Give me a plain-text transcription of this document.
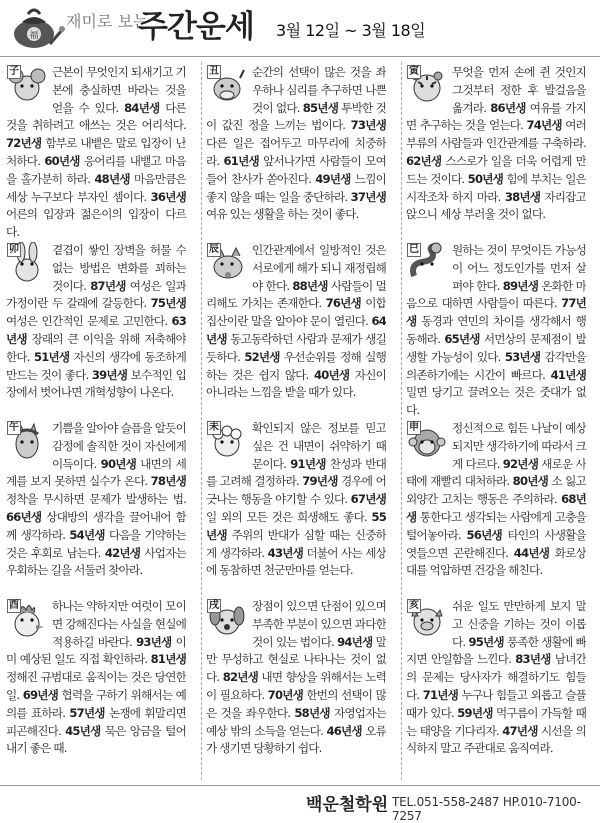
福
재미로 보는
주간운세 3월 12일 ~ 3월 18일
子	근본이 무엇인지 되새기고 기본에 충실하면 바라는 것을 얻을 수 있다. 84년생 다른 것을 취하려고 애쓰는 것은 어리석다. 72년생 함부로 내뱉은 말로 입장이 난처하다. 60년생 응어리를 내뱉고 마음을 홀가분히 하라. 48년생 마음만큼은 세상 누구보다 부자인 셈이다. 36년생 어른의 입장과 젊은이의 입장이 다르다.

丑	순간의 선택이 많은 것을 좌우하나 심리를 추구하면 나쁜 것이 없다. 85년생 투박한 것이 값진 정을 느끼는 법이다. 73년생 다른 일은 접어두고 마무리에 치중하라. 61년생 앞서나가면 사람들이 모여들어 찬사가 쏟아진다. 49년생 느낌이 좋지 않을 때는 일을 중단하라. 37년생 여유 있는 생활을 하는 것이 좋다.

寅	무엇을 먼저 손에 쥔 것인지 그것부터 정한 후 발걸음을 옮겨라. 86년생 여유를 가지면 추구하는 것을 얻는다. 74년생 여러 부류의 사람들과 인간관계를 구축하라. 62년생 스스로가 일을 더욱 어렵게 만드는 것이다. 50년생 힘에 부치는 일은 시작조차 하지 마라. 38년생 자리잡고 앉으니 세상 부러울 것이 없다.

卯	곁겹이 쌓인 장벽을 허물 수 없는 방법은 변화를 꾀하는 것이다. 87년생 여성은 일과 가정이란 두 갈래에 갈등한다. 75년생 여성은 인간적인 문제로 고민한다. 63년생 장래의 큰 이익을 위해 저축해야 한다. 51년생 자신의 생각에 동조하게 만드는 것이 좋다. 39년생 보수적인 입장에서 벗어나면 개혁성향이 나온다.

辰	인간관계에서 일방적인 것은 서로에게 해가 되니 재정립해야 한다. 88년생 사람들이 멀리해도 가치는 존재한다. 76년생 이합집산이란 말을 알아야 문이 열린다. 64년생 동고동락하던 사람과 문제가 생길 듯하다. 52년생 우선순위를 정해 실행하는 것은 쉽지 않다. 40년생 자신이 아니라는 느낌을 받을 때가 있다.

巳	원하는 것이 무엇이든 가능성이 어느 정도인가를 먼저 살펴야 한다. 89년생 온화한 마음으로 대하면 사람들이 따른다. 77년생 동경과 연민의 차이를 생각해서 행동해라. 65년생 서먼상의 문제점이 발생할 가능성이 있다. 53년생 감각만을 의존하기에는 시간이 빠르다. 41년생 밀면 당기고 끌려오는 것은 줏대가 없다.

午	기쁨을 알아야 슬픔을 알듯이 감정에 솔직한 것이 자신에게 이득이다. 90년생 내면의 세계를 보지 못하면 실수가 온다. 78년생 정착을 무시하면 문제가 발생하는 법. 66년생 상대방의 생각을 끌어내어 함께 생각하라. 54년생 다음을 기약하는 것은 후회로 남는다. 42년생 사업자는 우회하는 길을 서둘러 찾아라.

未	확인되지 않은 정보를 믿고 싶은 건 내면이 쉬약하기 때문이다. 91년생 찬성과 반대를 고려해 결정하라. 79년생 경우에 어긋나는 행동을 야기할 수 있다. 67년생 일 외의 모든 것은 희생해도 좋다. 55년생 주위의 반대가 심할 때는 신중하게 생각하라. 43년생 더불어 사는 세상에 동참하면 천군만마를 얻는다.

申	정신적으로 힘든 나날이 예상되지만 생각하기에 따라서 크게 다르다. 92년생 새로운 사태에 재빨리 대처하라. 80년생 소 잃고 외양간 고치는 행동은 주의하라. 68년생 통한다고 생각되는 사람에게 고충을 털어놓아라. 56년생 타인의 사생활을 엿들으면 곤란해진다. 44년생 화로상대를 억압하면 건강을 해친다.

酉	하나는 약하지만 여럿이 모이면 강해진다는 사실을 현실에 적용하길 바란다. 93년생 이미 예상된 일도 직접 확인하라. 81년생 정해진 규범대로 움직이는 것은 당연한 일. 69년생 협력을 구하기 위해서는 예의를 표하라. 57년생 논쟁에 휘말리면 피곤해진다. 45년생 묵은 앙금을 털어 내기 좋은 때.

戌	장점이 있으면 단점이 있으며 부족한 부분이 있으면 과다한 것이 있는 법이다. 94년생 말만 무성하고 현실로 나타나는 것이 없다. 82년생 내면 향상을 위해서는 노력이 필요하다. 70년생 한번의 선택이 많은 것을 좌우한다. 58년생 자영업자는 예상 밖의 소득을 얻는다. 46년생 오류가 생기면 당황하기 쉽다.

亥	쉬운 일도 만만하게 보지 말고 신중을 기하는 것이 이롭다. 95년생 풍족한 생활에 빠지면 안일함을 느낀다. 83년생 남녀간의 문제는 당사자가 해결하기도 힘들다. 71년생 누구나 힘들고 외롭고 슬플 때가 있다. 59년생 먹구름이 가득할 때는 태양을 기다리자. 47년생 시선을 의식하지 말고 주관대로 움직여라.

백운철학원 TEL.051-558-2487 HP.010-7100-7257
